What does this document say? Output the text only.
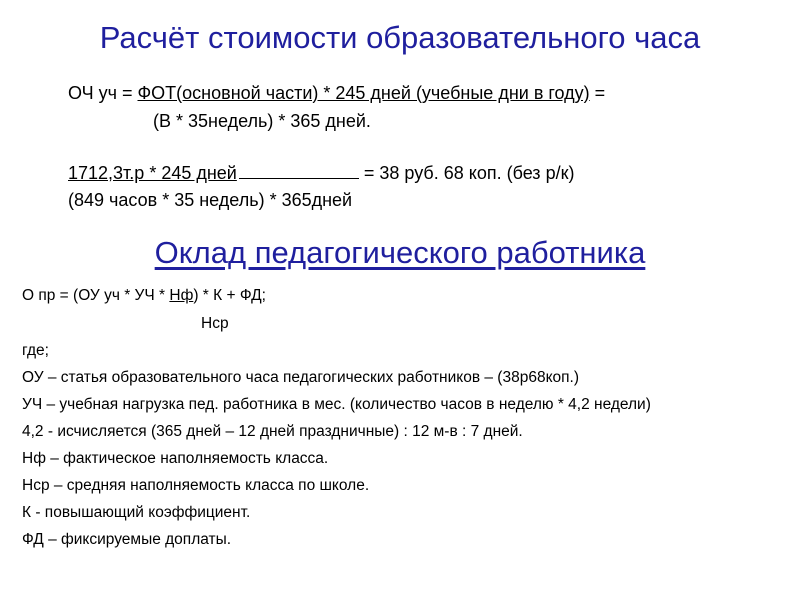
Расчёт стоимости образовательного часа
ОЧ уч = ФОТ(основной части) * 245 дней (учебные дни в году) =
(В * 35недель) * 365 дней.
1712,3т.р * 245 дней	= 38 руб. 68 коп. (без р/к)
(849 часов * 35 недель) * 365дней
Оклад педагогического работника
О пр = (ОУ уч * УЧ * Нф) * К + ФД;
Нср
где;
ОУ – статья образовательного часа педагогических работников – (38р68коп.)
УЧ – учебная нагрузка пед. работника в мес. (количество часов в неделю * 4,2 недели)
4,2 - исчисляется (365 дней – 12 дней праздничные) : 12 м-в : 7 дней.
Нф – фактическое наполняемость класса.
Нср – средняя наполняемость класса по школе.
К - повышающий коэффициент.
ФД – фиксируемые доплаты.
